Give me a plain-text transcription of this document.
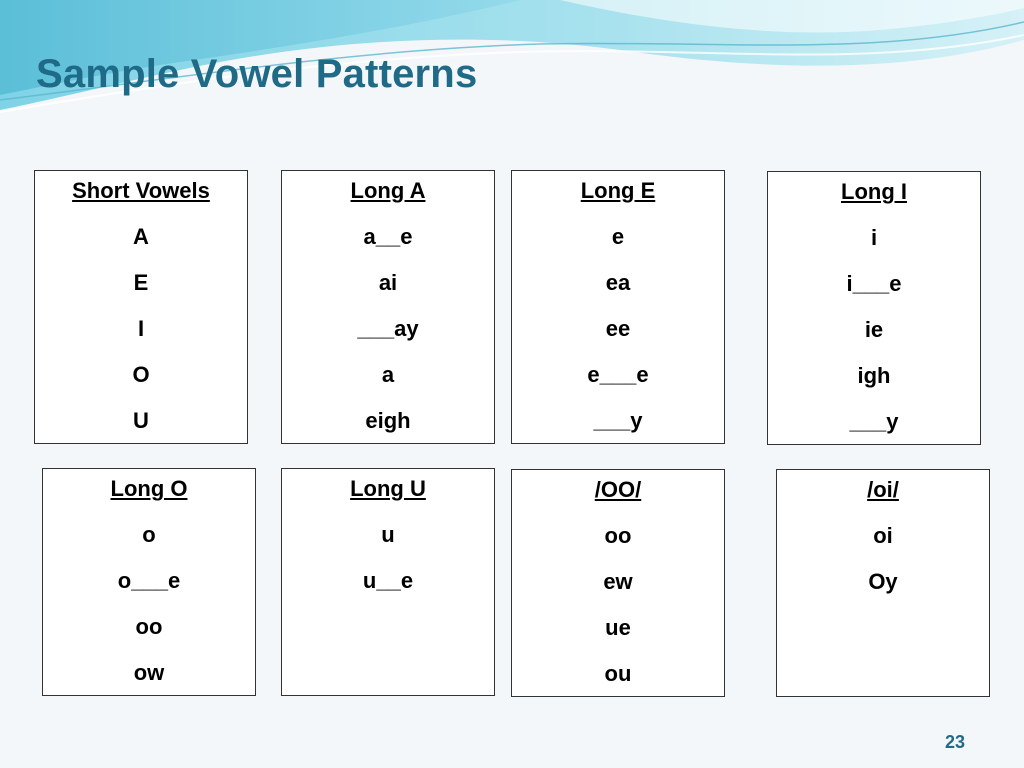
Sample Vowel Patterns
Short Vowels
A
E
I
O
U
Long A
a__e
ai
___ay
a
eigh
Long E
e
ea
ee
e___e
___y
Long I
i
i___e
ie
igh
___y
Long O
o
o___e
oo
ow
Long U
u
u__e
/OO/
oo
ew
ue
ou
/oi/
oi
Oy
23
